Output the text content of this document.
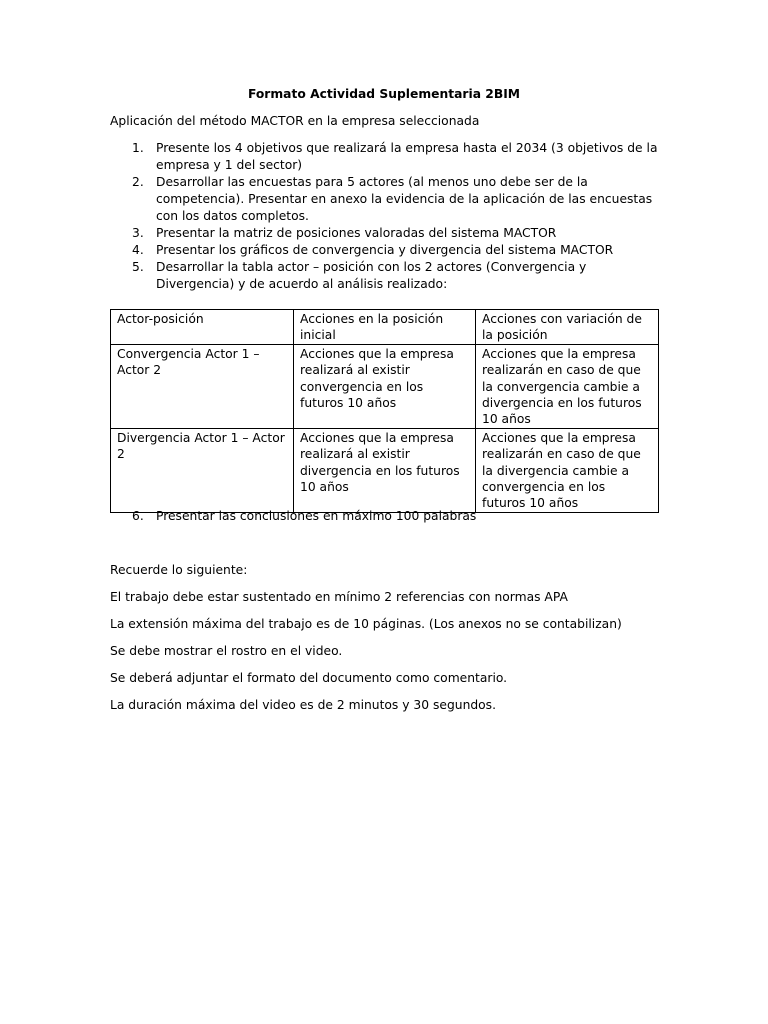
Formato Actividad Suplementaria 2BIM

Aplicación del método MACTOR en la empresa seleccionada

1. Presente los 4 objetivos que realizará la empresa hasta el 2034 (3 objetivos de la empresa y 1 del sector)
2. Desarrollar las encuestas para 5 actores (al menos uno debe ser de la competencia). Presentar en anexo la evidencia de la aplicación de las encuestas con los datos completos.
3. Presentar la matriz de posiciones valoradas del sistema MACTOR
4. Presentar los gráficos de convergencia y divergencia del sistema MACTOR
5. Desarrollar la tabla actor – posición con los 2 actores (Convergencia y Divergencia) y de acuerdo al análisis realizado:
Actor-posición	Acciones en la posición inicial	Acciones con variación de la posición
Convergencia Actor 1 – Actor 2	Acciones que la empresa realizará al existir convergencia en los futuros 10 años	Acciones que la empresa realizarán en caso de que la convergencia cambie a divergencia en los futuros 10 años
Divergencia Actor 1 – Actor 2	Acciones que la empresa realizará al existir divergencia en los futuros 10 años	Acciones que la empresa realizarán en caso de que la divergencia cambie a convergencia en los futuros 10 años

6. Presentar las conclusiones en máximo 100 palabras

Recuerde lo siguiente:

El trabajo debe estar sustentado en mínimo 2 referencias con normas APA

La extensión máxima del trabajo es de 10 páginas. (Los anexos no se contabilizan)

Se debe mostrar el rostro en el video.

Se deberá adjuntar el formato del documento como comentario.

La duración máxima del video es de 2 minutos y 30 segundos.
